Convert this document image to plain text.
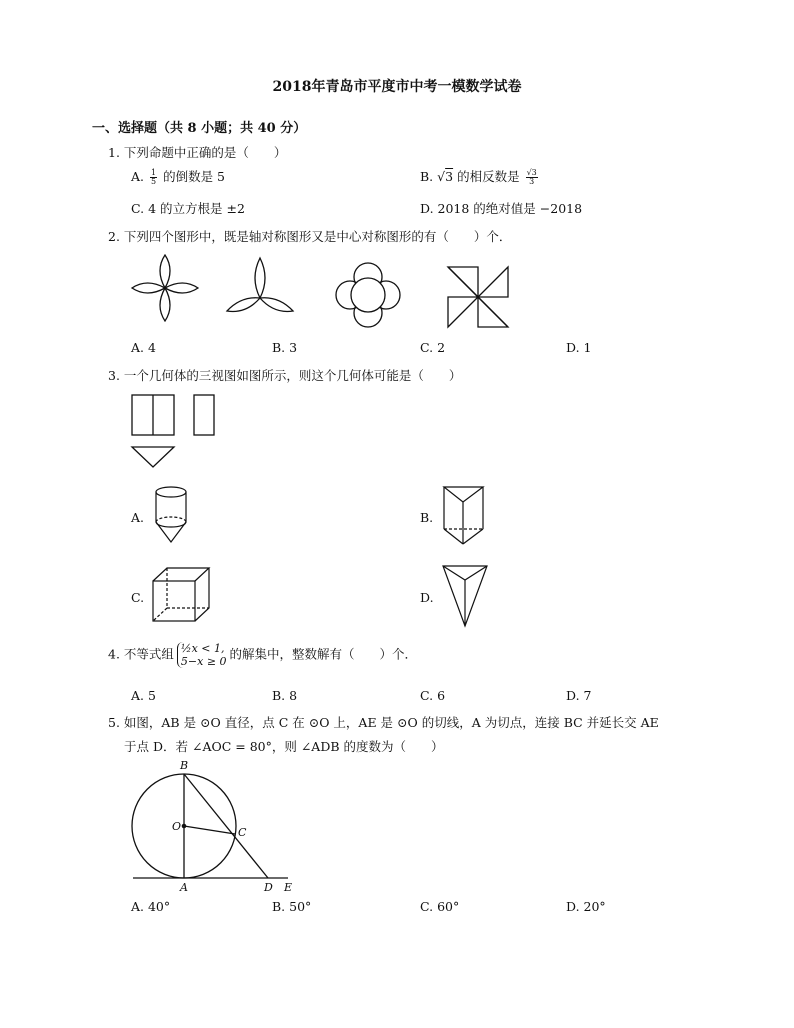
2018年青岛市平度市中考一模数学试卷
一、选择题（共 8 小题；共 40 分）
1. 下列命题中正确的是（　　）
A. $\frac{1}{5}$ 的倒数是 5	B. √3 的相反数是 $\frac{√3}{3}$
C. 4 的立方根是 ±2	D. 2018 的绝对值是 −2018
2. 下列四个图形中，既是轴对称图形又是中心对称图形的有（　　）个．
A. 4	B. 3	C. 2	D. 1
3. 一个几何体的三视图如图所示，则这个几何体可能是（　　）
A.	B.
C.	D.
4. 不等式组 ½x < 1,
5−x ≥ 0 的解集中，整数解有（　　）个．
A. 5	B. 8	C. 6	D. 7
5. 如图，AB 是 ⊙O 直径，点 C 在 ⊙O 上，AE 是 ⊙O 的切线，A 为切点，连接 BC 并延长交 AE
于点 D．若 ∠AOC = 80°，则 ∠ADB 的度数为（　　）
B
O	C
A	D E
A. 40°	B. 50°	C. 60°	D. 20°
